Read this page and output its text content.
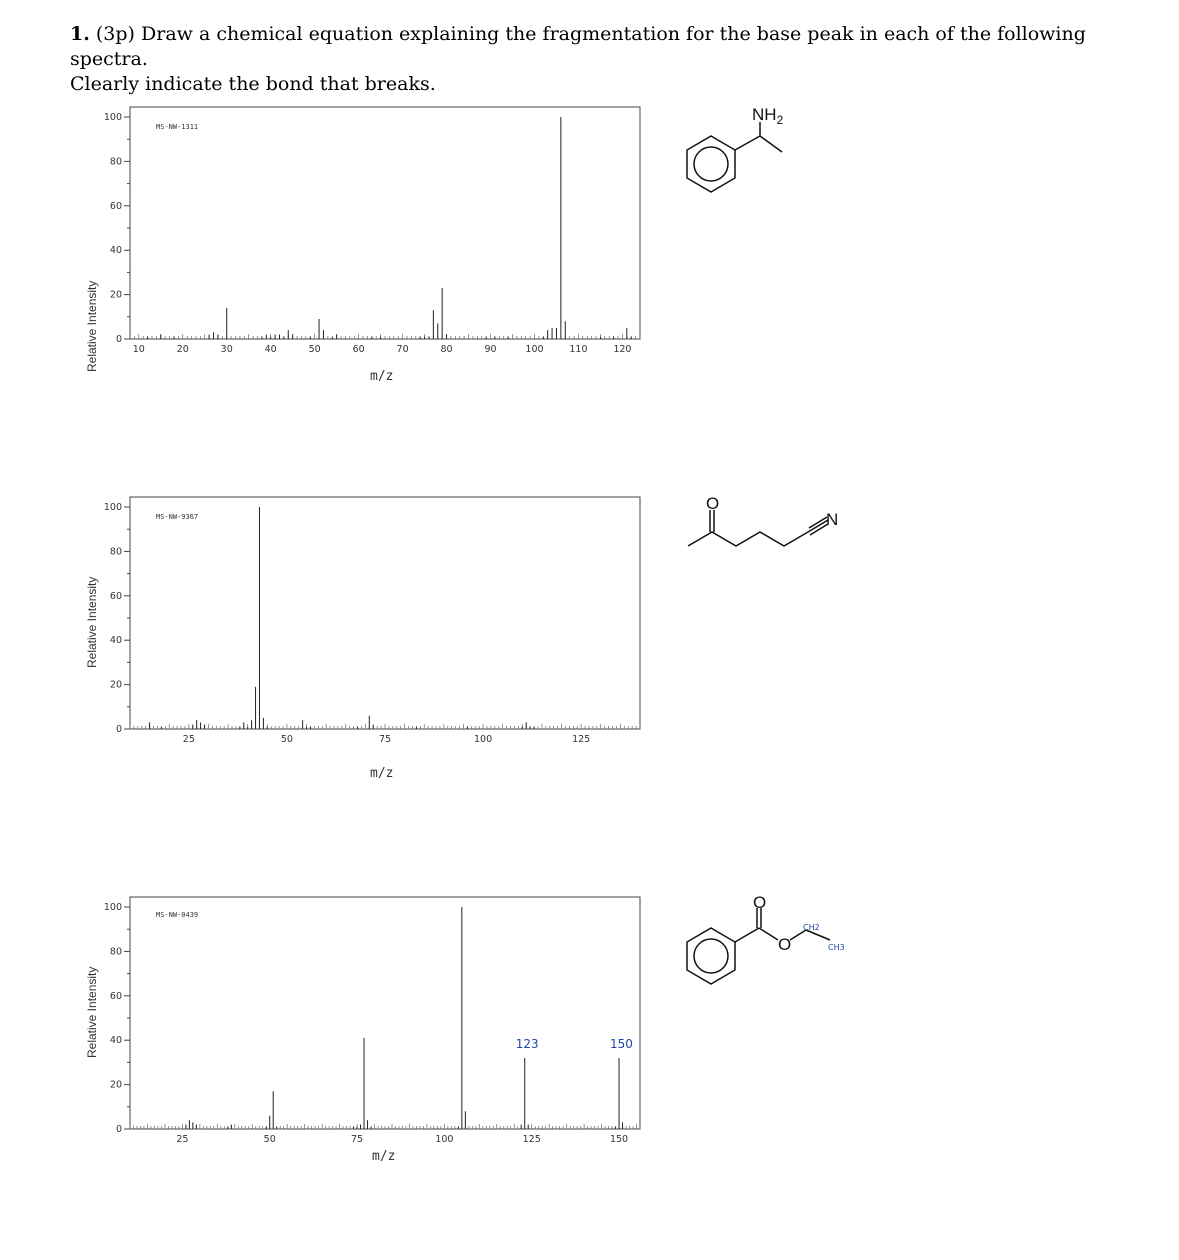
1. (3p) Draw a chemical equation explaining the fragmentation for the base peak in each of the following spectra.
Clearly indicate the bond that breaks.
Relative Intensity
m/z
MS-NW-1311
0
20
40
60
80
100
10	20	30	40	50	60	70	80	90	100	110	120
Relative Intensity
m/z
MS-NW-9367
0
20
40
60
80
100
25	50	75	100	125
Relative Intensity
m/z
MS-NW-0439
0
20
40
60
80
100
25	50	75	100	125	150
123	150
$NH_2$
O
N
O
O
CH2
CH3
